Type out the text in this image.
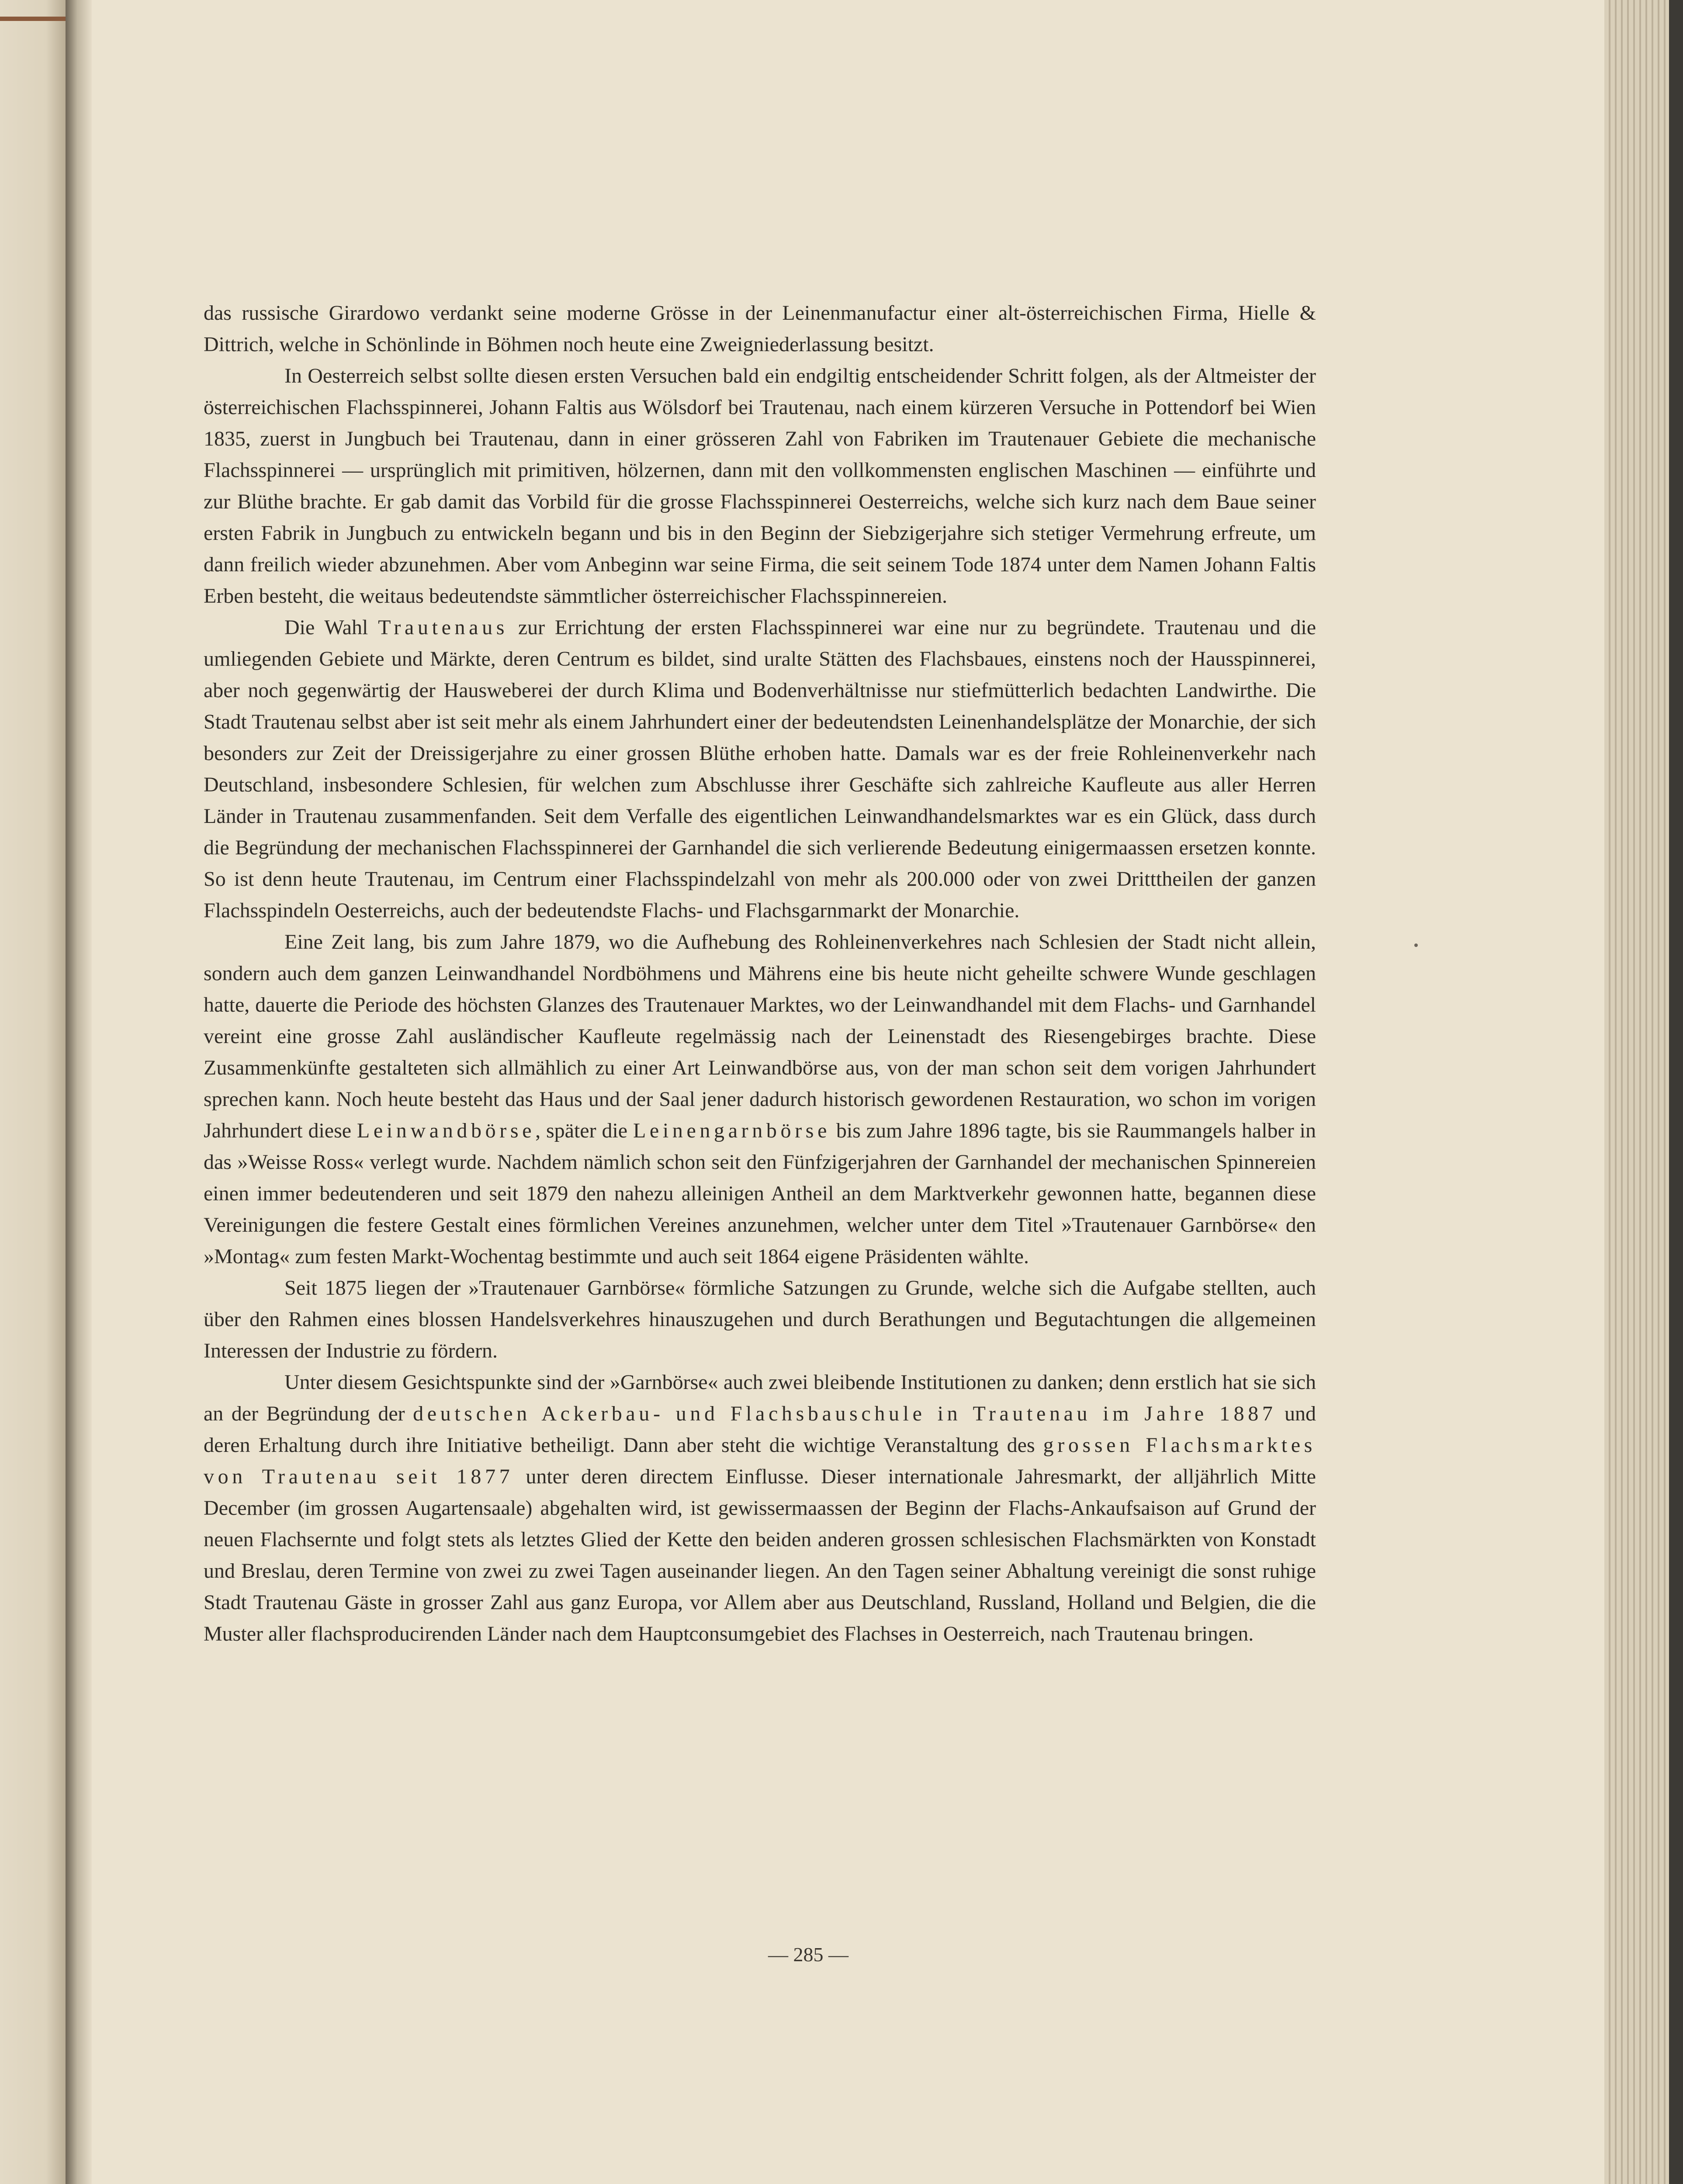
das russische Girardowo verdankt seine moderne Grösse in der Leinenmanufactur einer alt-österreichischen Firma, Hielle & Dittrich, welche in Schönlinde in Böhmen noch heute eine Zweigniederlassung besitzt.

In Oesterreich selbst sollte diesen ersten Versuchen bald ein endgiltig entscheidender Schritt folgen, als der Altmeister der österreichischen Flachsspinnerei, Johann Faltis aus Wölsdorf bei Trautenau, nach einem kürzeren Versuche in Pottendorf bei Wien 1835, zuerst in Jungbuch bei Trautenau, dann in einer grösseren Zahl von Fabriken im Trautenauer Gebiete die mechanische Flachsspinnerei — ursprünglich mit primitiven, hölzernen, dann mit den vollkommensten englischen Maschinen — einführte und zur Blüthe brachte. Er gab damit das Vorbild für die grosse Flachsspinnerei Oesterreichs, welche sich kurz nach dem Baue seiner ersten Fabrik in Jungbuch zu entwickeln begann und bis in den Beginn der Siebzigerjahre sich stetiger Vermehrung erfreute, um dann freilich wieder abzunehmen. Aber vom Anbeginn war seine Firma, die seit seinem Tode 1874 unter dem Namen Johann Faltis Erben besteht, die weitaus bedeutendste sämmtlicher österreichischer Flachsspinnereien.

Die Wahl Trautenaus zur Errichtung der ersten Flachsspinnerei war eine nur zu begründete. Trautenau und die umliegenden Gebiete und Märkte, deren Centrum es bildet, sind uralte Stätten des Flachsbaues, einstens noch der Hausspinnerei, aber noch gegenwärtig der Hausweberei der durch Klima und Bodenverhältnisse nur stiefmütterlich bedachten Landwirthe. Die Stadt Trautenau selbst aber ist seit mehr als einem Jahrhundert einer der bedeutendsten Leinenhandelsplätze der Monarchie, der sich besonders zur Zeit der Dreissigerjahre zu einer grossen Blüthe erhoben hatte. Damals war es der freie Rohleinenverkehr nach Deutschland, insbesondere Schlesien, für welchen zum Abschlusse ihrer Geschäfte sich zahlreiche Kaufleute aus aller Herren Länder in Trautenau zusammenfanden. Seit dem Verfalle des eigentlichen Leinwandhandelsmarktes war es ein Glück, dass durch die Begründung der mechanischen Flachsspinnerei der Garnhandel die sich verlierende Bedeutung einigermaassen ersetzen konnte. So ist denn heute Trautenau, im Centrum einer Flachsspindelzahl von mehr als 200.000 oder von zwei Dritttheilen der ganzen Flachsspindeln Oesterreichs, auch der bedeutendste Flachs- und Flachsgarnmarkt der Monarchie.

Eine Zeit lang, bis zum Jahre 1879, wo die Aufhebung des Rohleinenverkehres nach Schlesien der Stadt nicht allein, sondern auch dem ganzen Leinwandhandel Nordböhmens und Mährens eine bis heute nicht geheilte schwere Wunde geschlagen hatte, dauerte die Periode des höchsten Glanzes des Trautenauer Marktes, wo der Leinwandhandel mit dem Flachs- und Garnhandel vereint eine grosse Zahl ausländischer Kaufleute regelmässig nach der Leinenstadt des Riesengebirges brachte. Diese Zusammenkünfte gestalteten sich allmählich zu einer Art Leinwandbörse aus, von der man schon seit dem vorigen Jahrhundert sprechen kann. Noch heute besteht das Haus und der Saal jener dadurch historisch gewordenen Restauration, wo schon im vorigen Jahrhundert diese Leinwandbörse, später die Leinengarnbörse bis zum Jahre 1896 tagte, bis sie Raummangels halber in das »Weisse Ross« verlegt wurde. Nachdem nämlich schon seit den Fünfzigerjahren der Garnhandel der mechanischen Spinnereien einen immer bedeutenderen und seit 1879 den nahezu alleinigen Antheil an dem Marktverkehr gewonnen hatte, begannen diese Vereinigungen die festere Gestalt eines förmlichen Vereines anzunehmen, welcher unter dem Titel »Trautenauer Garnbörse« den »Montag« zum festen Markt-Wochentag bestimmte und auch seit 1864 eigene Präsidenten wählte.

Seit 1875 liegen der »Trautenauer Garnbörse« förmliche Satzungen zu Grunde, welche sich die Aufgabe stellten, auch über den Rahmen eines blossen Handelsverkehres hinauszugehen und durch Berathungen und Begutachtungen die allgemeinen Interessen der Industrie zu fördern.

Unter diesem Gesichtspunkte sind der »Garnbörse« auch zwei bleibende Institutionen zu danken; denn erstlich hat sie sich an der Begründung der deutschen Ackerbau- und Flachsbauschule in Trautenau im Jahre 1887 und deren Erhaltung durch ihre Initiative betheiligt. Dann aber steht die wichtige Veranstaltung des grossen Flachsmarktes von Trautenau seit 1877 unter deren directem Einflusse. Dieser internationale Jahresmarkt, der alljährlich Mitte December (im grossen Augartensaale) abgehalten wird, ist gewissermaassen der Beginn der Flachs-Ankaufsaison auf Grund der neuen Flachsernte und folgt stets als letztes Glied der Kette den beiden anderen grossen schlesischen Flachsmärkten von Konstadt und Breslau, deren Termine von zwei zu zwei Tagen auseinander liegen. An den Tagen seiner Abhaltung vereinigt die sonst ruhige Stadt Trautenau Gäste in grosser Zahl aus ganz Europa, vor Allem aber aus Deutschland, Russland, Holland und Belgien, die die Muster aller flachsproducirenden Länder nach dem Hauptconsumgebiet des Flachses in Oesterreich, nach Trautenau bringen.

— 285 —
